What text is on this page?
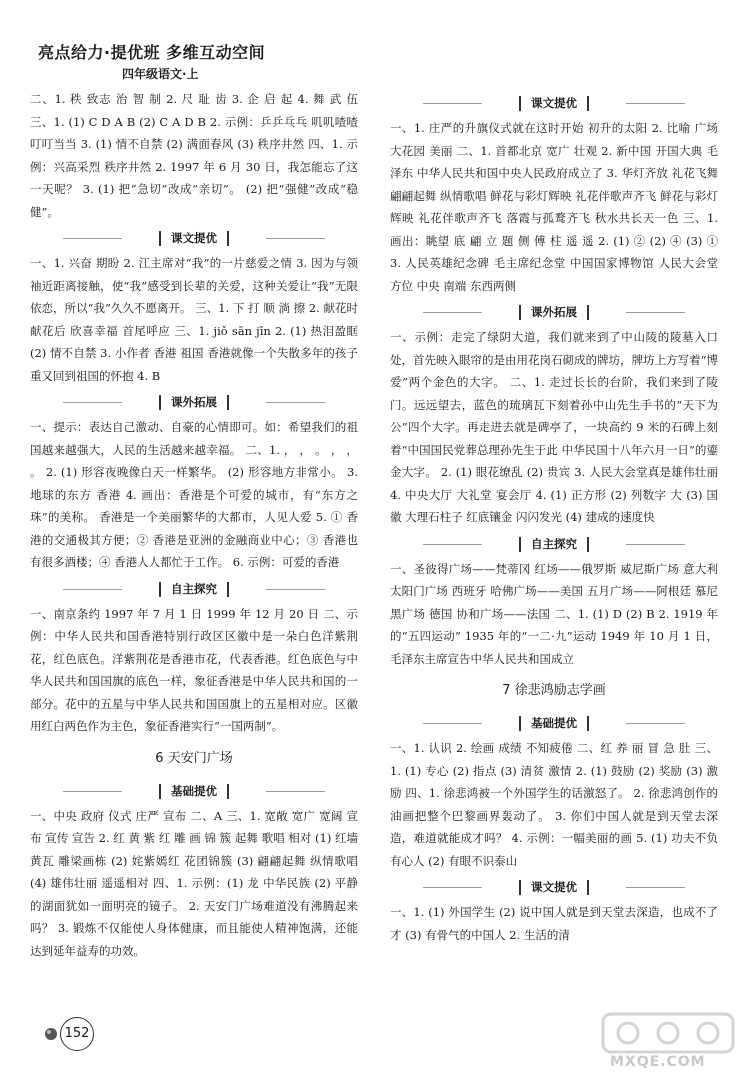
亮点给力·提优班 多维互动空间
四年级语文·上
二、1. 秩 致志 治 智 制 2. 尺 耻 齿 3. 企 启 起 4. 舞 武 伍 三、1. (1) C D A B (2) C A D B 2. 示例：乒乒乓乓 叽叽喳喳 叮叮当当 3. (1) 情不自禁 (2) 满面春风 (3) 秩序井然 四、1. 示例：兴高采烈 秩序井然 2. 1997 年 6 月 30 日，我怎能忘了这一天呢？ 3. (1) 把“急切”改成“亲切”。 (2) 把“强健”改成“稳健”。
课文提优
一、1. 兴奋 期盼 2. 江主席对“我”的一片慈爱之情 3. 因为与领袖近距离接触，使“我”感受到长辈的关爱，这种关爱让“我”无限依恋，所以“我”久久不愿离开。 三、1. 下 打 顺 淌 擦 2. 献花时 献花后 欣喜幸福 首尾呼应 三、1. jiǒ sān jīn 2. (1) 热泪盈眶 (2) 情不自禁 3. 小作者 香港 祖国 香港就像一个失散多年的孩子重又回到祖国的怀抱 4. B
课外拓展
一、提示：表达自己激动、自豪的心情即可。如：希望我们的祖国越来越强大，人民的生活越来越幸福。 二、1. ， ， 。 ， ， 。 2. (1) 形容夜晚像白天一样繁华。 (2) 形容地方非常小。 3. 地球的东方 香港 4. 画出：香港是个可爱的城市，有“东方之珠”的美称。 香港是一个美丽繁华的大都市，人见人爱 5. ① 香港的交通极其方便；② 香港是亚洲的金融商业中心；③ 香港也有很多酒楼；④ 香港人人都忙于工作。 6. 示例：可爱的香港
自主探究
一、南京条约 1997 年 7 月 1 日 1999 年 12 月 20 日 二、示例：中华人民共和国香港特别行政区区徽中是一朵白色洋紫荆花，红色底色。洋紫荆花是香港市花，代表香港。红色底色与中华人民共和国国旗的底色一样，象征香港是中华人民共和国的一部分。花中的五星与中华人民共和国国旗上的五星相对应。区徽用红白两色作为主色，象征香港实行“一国两制”。
6 天安门广场
基础提优
一、中央 政府 仪式 庄严 宣布 二、A 三、1. 宽敞 宽广 宽阔 宣布 宣传 宣告 2. 红 黄 紫 红 雕 画 锦 簇 起舞 歌唱 相对 (1) 红墙黄瓦 雕梁画栋 (2) 姹紫嫣红 花团锦簇 (3) 翩翩起舞 纵情歌唱 (4) 雄伟壮丽 遥遥相对 四、1. 示例：(1) 龙 中华民族 (2) 平静的湖面犹如一面明亮的镜子。 2. 天安门广场难道没有沸腾起来吗？ 3. 锻炼不仅能使人身体健康，而且能使人精神饱满，还能达到延年益寿的功效。
课文提优
一、1. 庄严的升旗仪式就在这时开始 初升的太阳 2. 比喻 广场 大花园 美丽 二、1. 首都北京 宽广 壮观 2. 新中国 开国大典 毛泽东 中华人民共和国中央人民政府成立了 3. 华灯齐放 礼花飞舞 翩翩起舞 纵情歌唱 鲜花与彩灯辉映 礼花伴歌声齐飞 鲜花与彩灯辉映 礼花伴歌声齐飞 落霞与孤鹜齐飞 秋水共长天一色 三、1. 画出：眺望 底 翩 立 题 侧 傅 柱 遥 遥 2. (1) ② (2) ④ (3) ① 3. 人民英雄纪念碑 毛主席纪念堂 中国国家博物馆 人民大会堂 方位 中央 南端 东西两侧
课外拓展
一、示例：走完了绿阴大道，我们就来到了中山陵的陵墓入口处，首先映入眼帘的是由用花岗石砌成的牌坊，牌坊上方写着“博爱”两个金色的大字。 二、1. 走过长长的台阶，我们来到了陵门。远远望去，蓝色的琉璃瓦下刻着孙中山先生手书的“天下为公”四个大字。再走进去就是碑亭了，一块高约 9 米的石碑上刻着“中国国民党葬总理孙先生于此 中华民国十八年六月一日”的鎏金大字。 2. (1) 眼花缭乱 (2) 贵宾 3. 人民大会堂真是雄伟壮丽 4. 中央大厅 大礼堂 宴会厅 4. (1) 正方形 (2) 列数字 大 (3) 国徽 大理石柱子 红底镶金 闪闪发光 (4) 建成的速度快
自主探究
一、圣彼得广场——梵蒂冈 红场——俄罗斯 威尼斯广场 意大利 太阳门广场 西班牙 哈佛广场——美国 五月广场——阿根廷 慕尼黑广场 德国 协和广场——法国 二、1. (1) D (2) B 2. 1919 年的“五四运动” 1935 年的“一二·九”运动 1949 年 10 月 1 日，毛泽东主席宣告中华人民共和国成立
7 徐悲鸿励志学画
基础提优
一、1. 认识 2. 绘画 成绩 不知疲倦 二、红 养 丽 冒 急 肚 三、1. (1) 专心 (2) 指点 (3) 清贫 激情 2. (1) 鼓励 (2) 奖励 (3) 激励 四、1. 徐悲鸿被一个外国学生的话激怒了。 2. 徐悲鸿创作的油画把整个巴黎画界轰动了。 3. 你们中国人就是到天堂去深造，难道就能成才吗？ 4. 示例：一幅美丽的画 5. (1) 功夫不负有心人 (2) 有眼不识泰山
课文提优
一、1. (1) 外国学生 (2) 说中国人就是到天堂去深造，也成不了才 (3) 有骨气的中国人 2. 生活的清
152
MXQE.COM
